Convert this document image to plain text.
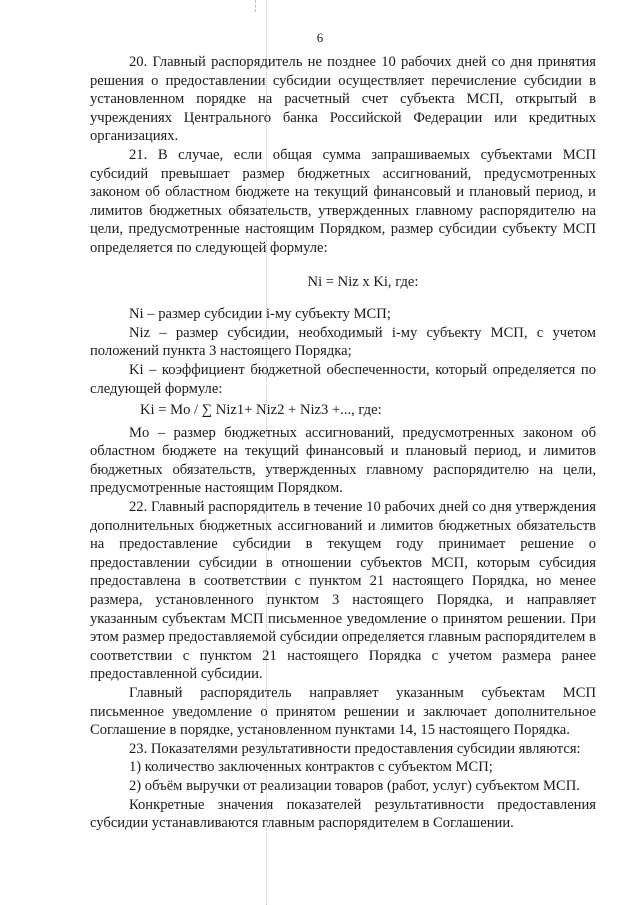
6

20. Главный распорядитель не позднее 10 рабочих дней со дня принятия решения о предоставлении субсидии осуществляет перечисление субсидии в установленном порядке на расчетный счет субъекта МСП, открытый в учреждениях Центрального банка Российской Федерации или кредитных организациях.

21. В случае, если общая сумма запрашиваемых субъектами МСП субсидий превышает размер бюджетных ассигнований, предусмотренных законом об областном бюджете на текущий финансовый и плановый период, и лимитов бюджетных обязательств, утвержденных главному распорядителю на цели, предусмотренные настоящим Порядком, размер субсидии субъекту МСП определяется по следующей формуле:

Ni = Niz x Ki, где:

Ni – размер субсидии i-му субъекту МСП;

Niz – размер субсидии, необходимый i-му субъекту МСП, с учетом положений пункта 3 настоящего Порядка;

Ki – коэффициент бюджетной обеспеченности, который определяется по следующей формуле:

Ki = Mo / ∑ Niz1+ Niz2 + Niz3 +..., где:

Mo – размер бюджетных ассигнований, предусмотренных законом об областном бюджете на текущий финансовый и плановый период, и лимитов бюджетных обязательств, утвержденных главному распорядителю на цели, предусмотренные настоящим Порядком.

22. Главный распорядитель в течение 10 рабочих дней со дня утверждения дополнительных бюджетных ассигнований и лимитов бюджетных обязательств на предоставление субсидии в текущем году принимает решение о предоставлении субсидии в отношении субъектов МСП, которым субсидия предоставлена в соответствии с пунктом 21 настоящего Порядка, но менее размера, установленного пунктом 3 настоящего Порядка, и направляет указанным субъектам МСП письменное уведомление о принятом решении. При этом размер предоставляемой субсидии определяется главным распорядителем в соответствии с пунктом 21 настоящего Порядка с учетом размера ранее предоставленной субсидии.

Главный распорядитель направляет указанным субъектам МСП письменное уведомление о принятом решении и заключает дополнительное Соглашение в порядке, установленном пунктами 14, 15 настоящего Порядка.

23. Показателями результативности предоставления субсидии являются:

1) количество заключенных контрактов с субъектом МСП;

2) объём выручки от реализации товаров (работ, услуг) субъектом МСП.

Конкретные значения показателей результативности предоставления субсидии устанавливаются главным распорядителем в Соглашении.
